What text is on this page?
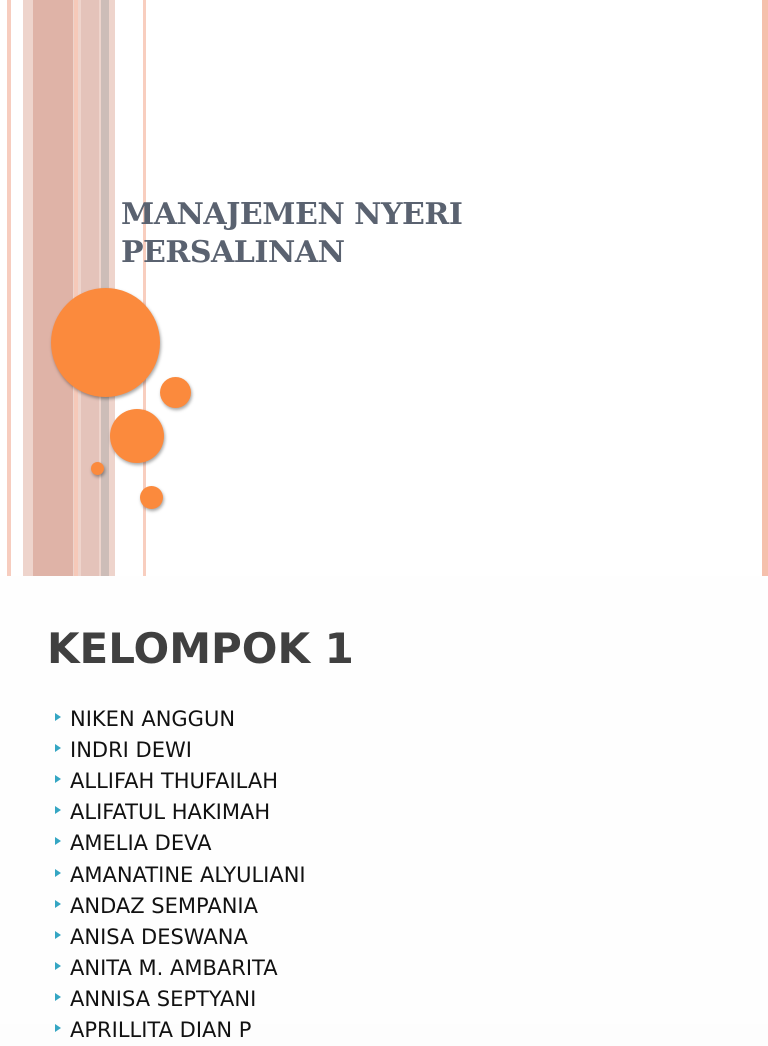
MANAJEMEN NYERI
PERSALINAN
KELOMPOK 1
NIKEN ANGGUN
INDRI DEWI
ALLIFAH THUFAILAH
ALIFATUL HAKIMAH
AMELIA DEVA
AMANATINE ALYULIANI
ANDAZ SEMPANIA
ANISA DESWANA
ANITA M. AMBARITA
ANNISA SEPTYANI
APRILLITA DIAN P
